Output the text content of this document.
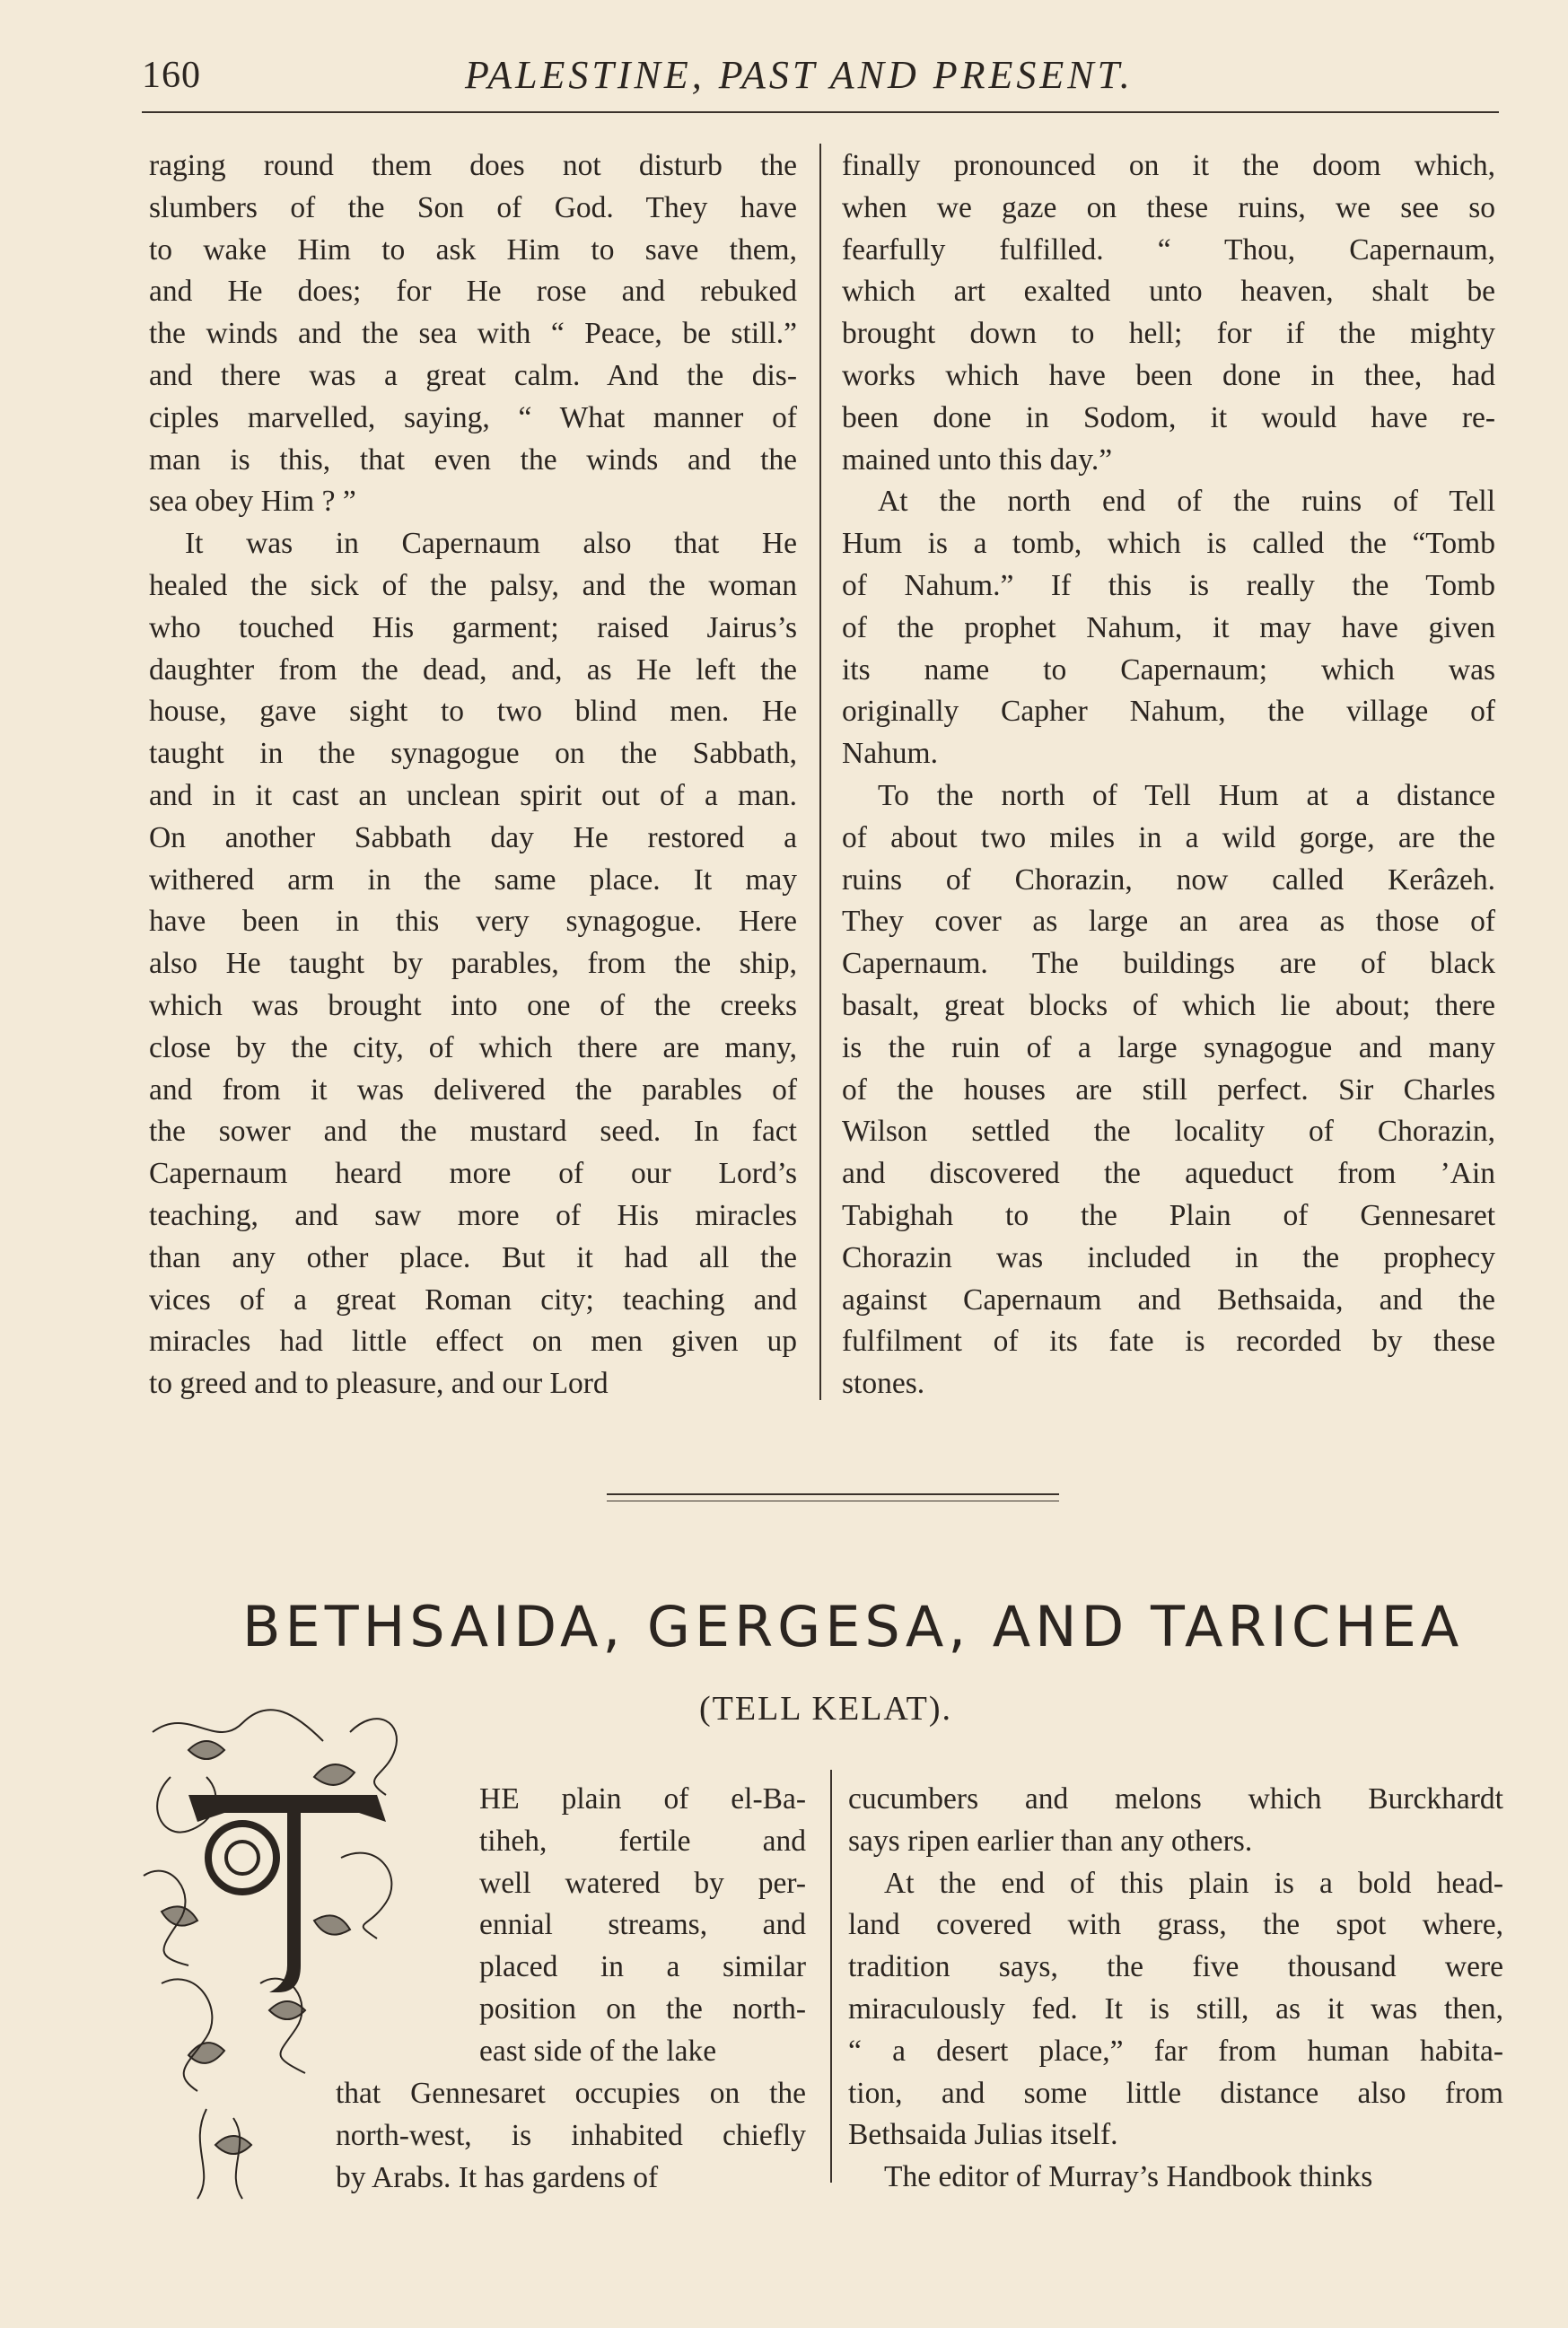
160	PALESTINE, PAST AND PRESENT.
raging round them does not disturb the
slumbers of the Son of God. They have
to wake Him to ask Him to save them,
and He does; for He rose and rebuked
the winds and the sea with “ Peace, be still.”
and there was a great calm. And the dis-
ciples marvelled, saying, “ What manner of
man is this, that even the winds and the
sea obey Him ? ”
It was in Capernaum also that He
healed the sick of the palsy, and the woman
who touched His garment; raised Jairus’s
daughter from the dead, and, as He left the
house, gave sight to two blind men. He
taught in the synagogue on the Sabbath,
and in it cast an unclean spirit out of a man.
On another Sabbath day He restored a
withered arm in the same place. It may
have been in this very synagogue. Here
also He taught by parables, from the ship,
which was brought into one of the creeks
close by the city, of which there are many,
and from it was delivered the parables of
the sower and the mustard seed. In fact
Capernaum heard more of our Lord’s
teaching, and saw more of His miracles
than any other place. But it had all the
vices of a great Roman city; teaching and
miracles had little effect on men given up
to greed and to pleasure, and our Lord
finally pronounced on it the doom which,
when we gaze on these ruins, we see so
fearfully fulfilled. “ Thou, Capernaum,
which art exalted unto heaven, shalt be
brought down to hell; for if the mighty
works which have been done in thee, had
been done in Sodom, it would have re-
mained unto this day.”
At the north end of the ruins of Tell
Hum is a tomb, which is called the “Tomb
of Nahum.” If this is really the Tomb
of the prophet Nahum, it may have given
its name to Capernaum; which was
originally Capher Nahum, the village of
Nahum.
To the north of Tell Hum at a distance
of about two miles in a wild gorge, are the
ruins of Chorazin, now called Kerâzeh.
They cover as large an area as those of
Capernaum. The buildings are of black
basalt, great blocks of which lie about; there
is the ruin of a large synagogue and many
of the houses are still perfect. Sir Charles
Wilson settled the locality of Chorazin,
and discovered the aqueduct from ’Ain
Tabighah to the Plain of Gennesaret
Chorazin was included in the prophecy
against Capernaum and Bethsaida, and the
fulfilment of its fate is recorded by these
stones.
BETHSAIDA, GERGESA, AND TARICHEA
(TELL KELAT).
HE plain of el-Ba-
tiheh, fertile and
well watered by per-
ennial streams, and
placed in a similar
position on the north-
east side of the lake
that Gennesaret occupies on the
north-west, is inhabited chiefly
by Arabs. It has gardens of
cucumbers and melons which Burckhardt
says ripen earlier than any others.
At the end of this plain is a bold head-
land covered with grass, the spot where,
tradition says, the five thousand were
miraculously fed. It is still, as it was then,
“ a desert place,” far from human habita-
tion, and some little distance also from
Bethsaida Julias itself.
The editor of Murray’s Handbook thinks
